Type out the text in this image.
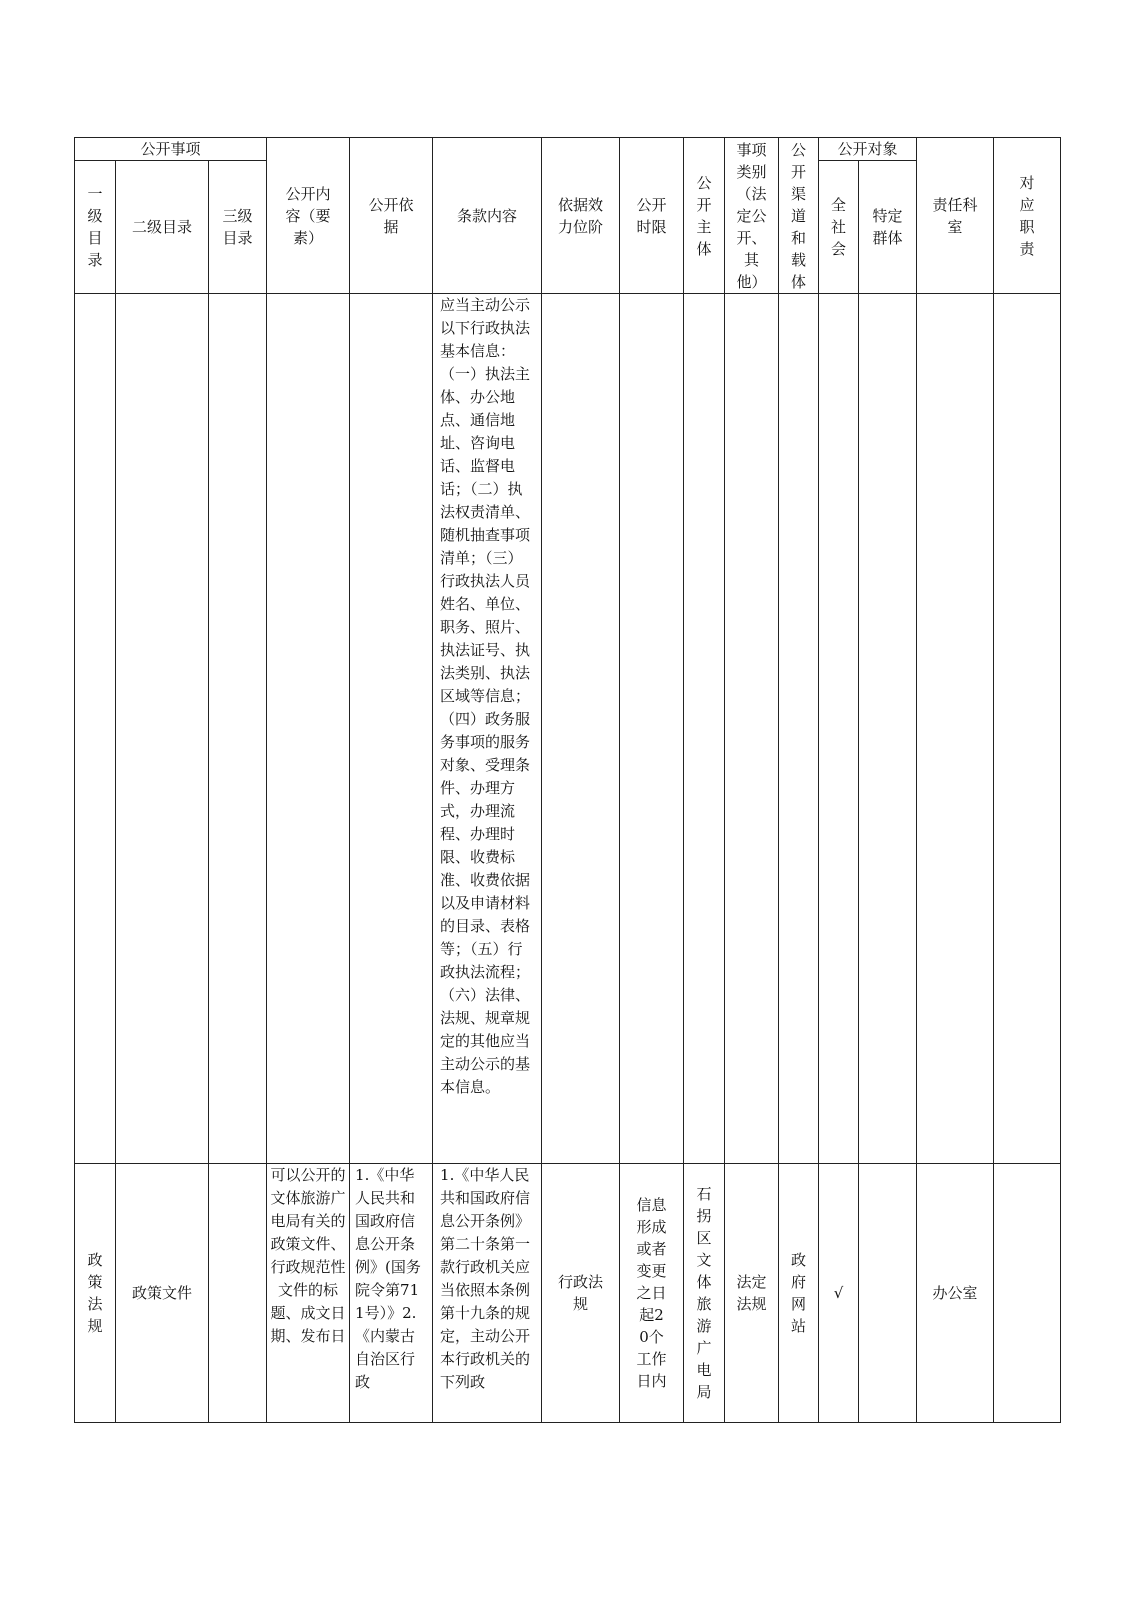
公开事项			公开内容（要素）	公开依据	条款内容	依据效力位阶	公开时限	公开主体	事项类别（法定公开、其他）	公开渠道和载体	公开对象		责任科室	对应职责
一级目录	二级目录	三级目录									全社会	特定群体		

					应当主动公示以下行政执法基本信息：（一）执法主体、办公地点、通信地址、咨询电话、监督电话；（二）执法权责清单、随机抽查事项清单；（三）行政执法人员姓名、单位、职务、照片、执法证号、执法类别、执法区域等信息；（四）政务服务事项的服务对象、受理条件、办理方式，办理流程、办理时限、收费标准、收费依据以及申请材料的目录、表格等；（五）行政执法流程；（六）法律、法规、规章规定的其他应当主动公示的基本信息。									

政策法规	政策文件		可以公开的文体旅游广电局有关的政策文件、行政规范性文件的标题、成文日期、发布日	1.《中华人民共和国政府信息公开条例》(国务院令第711号）》2.《内蒙古自治区行政	1.《中华人民共和国政府信息公开条例》第二十条第一款行政机关应当依照本条例第十九条的规定，主动公开本行政机关的下列政	行政法规	信息形成或者变更之日起20个工作日内	石拐区文体旅游广电局	法定法规	政府网站	√		办公室	
